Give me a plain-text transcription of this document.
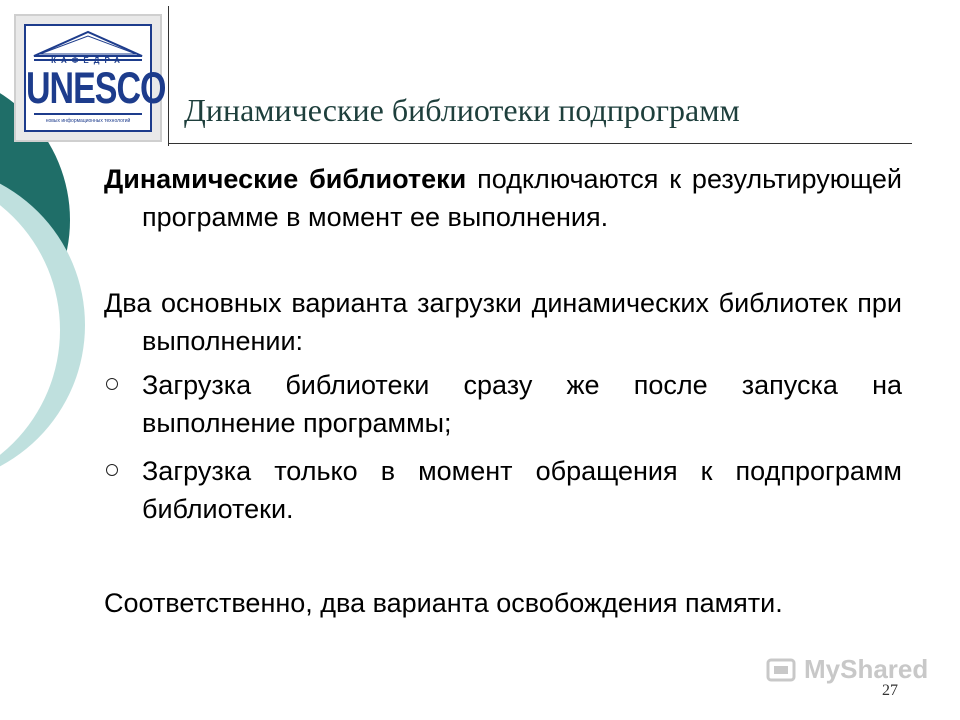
КАФЕДРА
UNESCO
новых информационных технологий	Динамические библиотеки подпрограмм
Динамические библиотеки подключаются к результирующей программе в момент ее выполнения.
Два основных варианта загрузки динамических библиотек при выполнении:
Загрузка библиотеки сразу же после запуска на выполнение программы;
Загрузка только в момент обращения к подпрограмм библиотеки.
Соответственно, два варианта освобождения памяти.
MyShared
27
